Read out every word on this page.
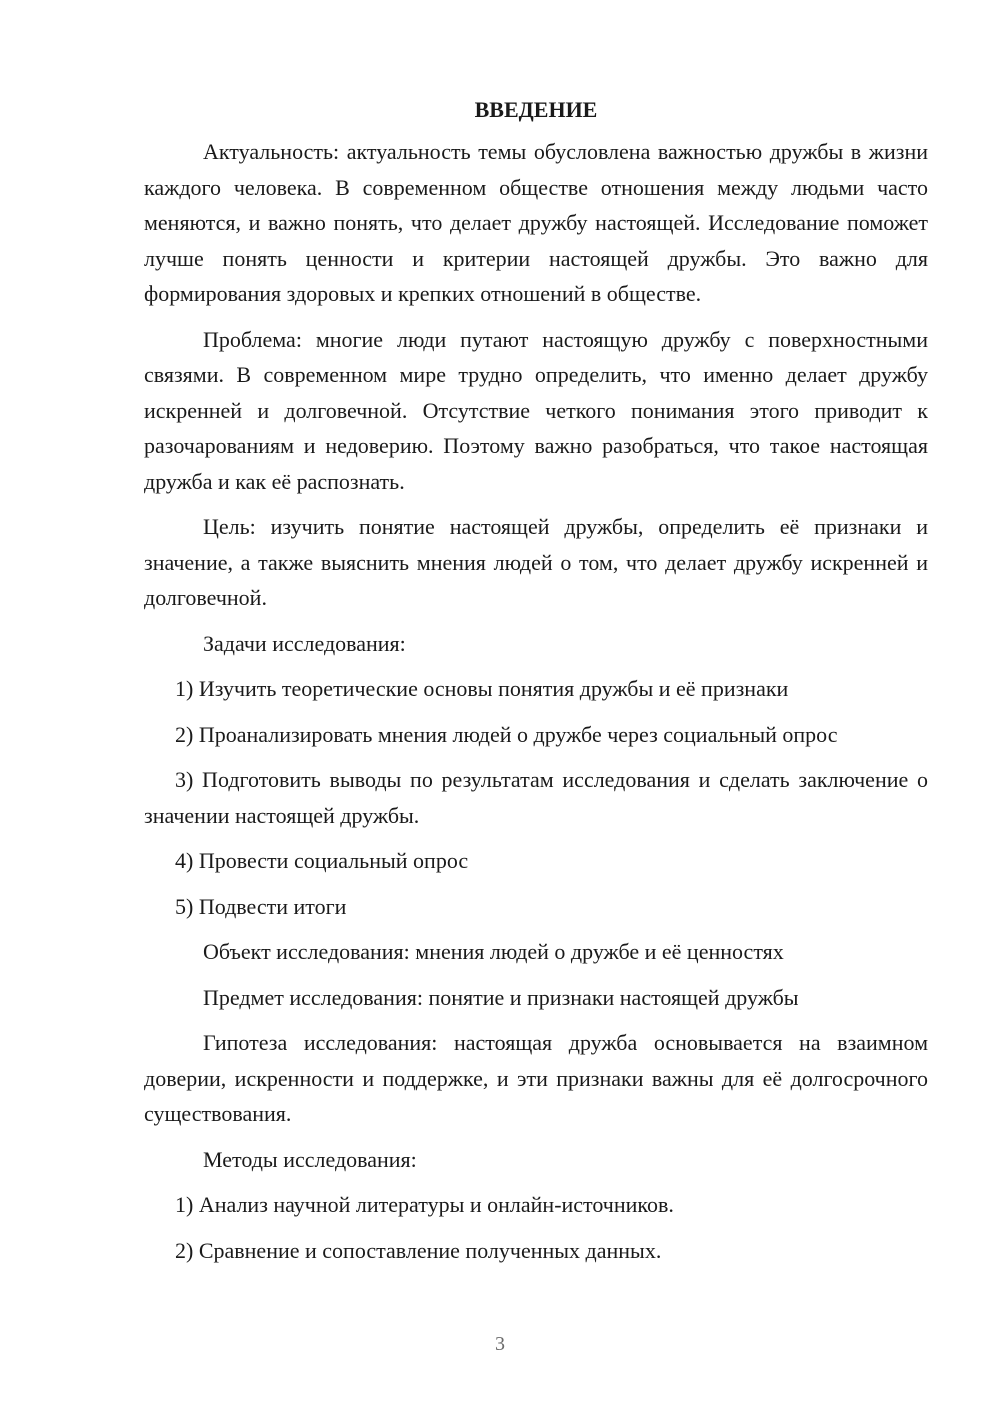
ВВЕДЕНИЕ
Актуальность: актуальность темы обусловлена важностью дружбы в жизни каждого человека. В современном обществе отношения между людьми часто меняются, и важно понять, что делает дружбу настоящей. Исследование поможет лучше понять ценности и критерии настоящей дружбы. Это важно для формирования здоровых и крепких отношений в обществе.
Проблема: многие люди путают настоящую дружбу с поверхностными связями. В современном мире трудно определить, что именно делает дружбу искренней и долговечной. Отсутствие четкого понимания этого приводит к разочарованиям и недоверию. Поэтому важно разобраться, что такое настоящая дружба и как её распознать.
Цель: изучить понятие настоящей дружбы, определить её признаки и значение, а также выяснить мнения людей о том, что делает дружбу искренней и долговечной.
Задачи исследования:
1) Изучить теоретические основы понятия дружбы и её признаки
2) Проанализировать мнения людей о дружбе через социальный опрос
3) Подготовить выводы по результатам исследования и сделать заключение о значении настоящей дружбы.
4) Провести социальный опрос
5) Подвести итоги
Объект исследования: мнения людей о дружбе и её ценностях
Предмет исследования: понятие и признаки настоящей дружбы
Гипотеза исследования: настоящая дружба основывается на взаимном доверии, искренности и поддержке, и эти признаки важны для её долгосрочного существования.
Методы исследования:
1) Анализ научной литературы и онлайн-источников.
2) Сравнение и сопоставление полученных данных.
3
